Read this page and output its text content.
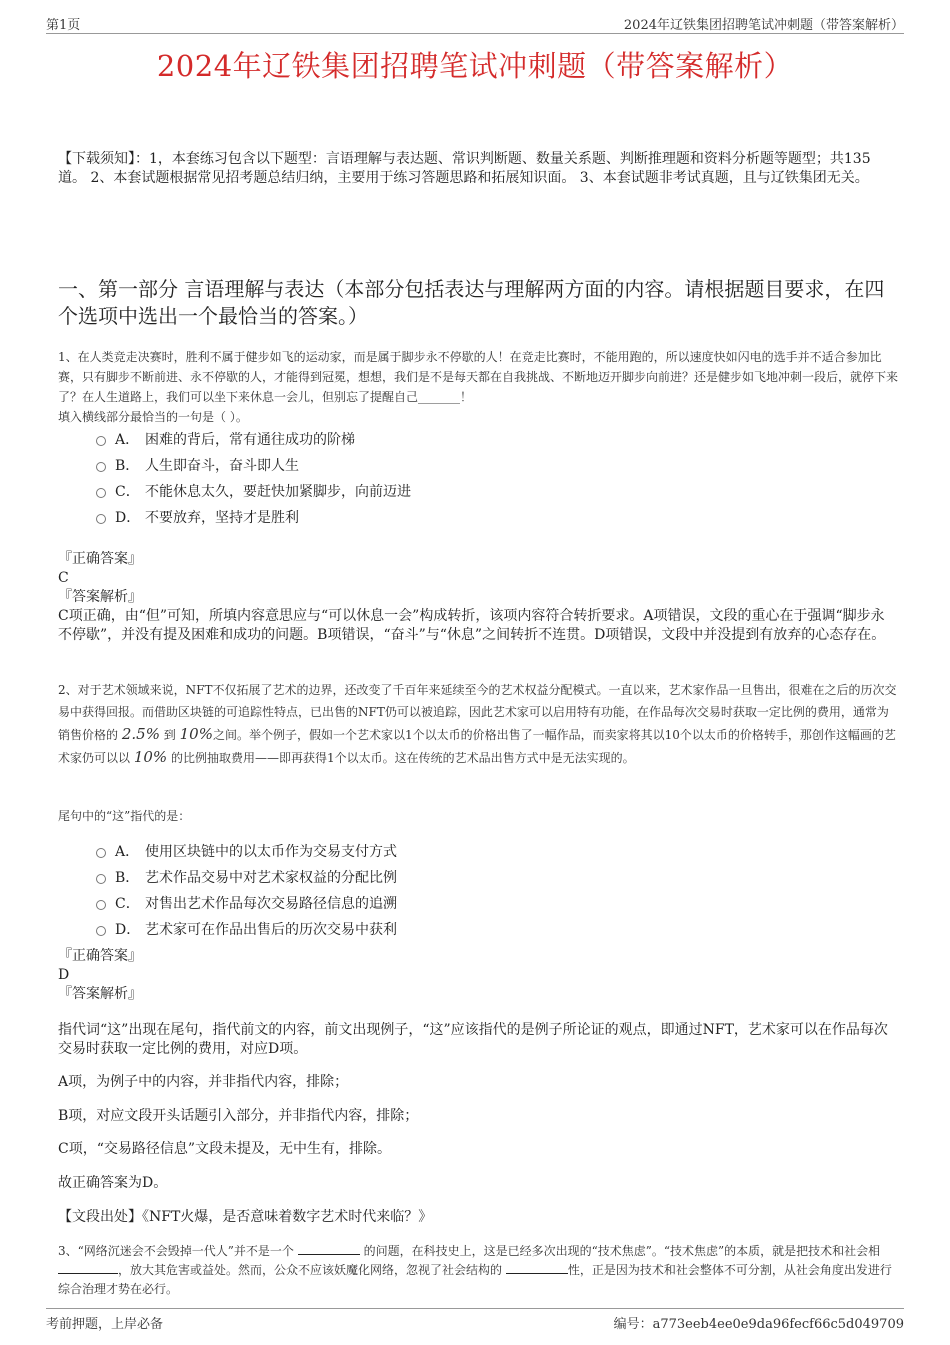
第1页	2024年辽铁集团招聘笔试冲刺题（带答案解析）
2024年辽铁集团招聘笔试冲刺题（带答案解析）
【下载须知】：1，本套练习包含以下题型：言语理解与表达题、常识判断题、数量关系题、判断推理题和资料分析题等题型；共135道。 2、本套试题根据常见招考题总结归纳，主要用于练习答题思路和拓展知识面。 3、本套试题非考试真题，且与辽铁集团无关。
一、第一部分 言语理解与表达（本部分包括表达与理解两方面的内容。请根据题目要求，在四个选项中选出一个最恰当的答案。）
1、在人类竞走决赛时，胜利不属于健步如飞的运动家，而是属于脚步永不停歇的人！在竞走比赛时，不能用跑的，所以速度快如闪电的选手并不适合参加比赛，只有脚步不断前进、永不停歇的人，才能得到冠冕，想想，我们是不是每天都在自我挑战、不断地迈开脚步向前进？还是健步如飞地冲刺一段后，就停下来了？在人生道路上，我们可以坐下来休息一会儿，但别忘了提醒自己_______！
填入横线部分最恰当的一句是（ ）。
A． 困难的背后，常有通往成功的阶梯
B． 人生即奋斗，奋斗即人生
C． 不能休息太久，要赶快加紧脚步，向前迈进
D． 不要放弃，坚持才是胜利
『正确答案』
C
『答案解析』
C项正确，由“但”可知，所填内容意思应与“可以休息一会”构成转折，该项内容符合转折要求。A项错误，文段的重心在于强调“脚步永不停歇”，并没有提及困难和成功的问题。B项错误，“奋斗”与“休息”之间转折不连贯。D项错误，文段中并没提到有放弃的心态存在。
2、对于艺术领域来说，NFT不仅拓展了艺术的边界，还改变了千百年来延续至今的艺术权益分配模式。一直以来，艺术家作品一旦售出，很难在之后的历次交易中获得回报。而借助区块链的可追踪性特点，已出售的NFT仍可以被追踪，因此艺术家可以启用特有功能，在作品每次交易时获取一定比例的费用，通常为销售价格的 2.5% 到 10%之间。举个例子，假如一个艺术家以1个以太币的价格出售了一幅作品，而卖家将其以10个以太币的价格转手，那创作这幅画的艺术家仍可以以 10% 的比例抽取费用——即再获得1个以太币。这在传统的艺术品出售方式中是无法实现的。
尾句中的“这”指代的是：
A． 使用区块链中的以太币作为交易支付方式
B． 艺术作品交易中对艺术家权益的分配比例
C． 对售出艺术作品每次交易路径信息的追溯
D． 艺术家可在作品出售后的历次交易中获利
『正确答案』
D
『答案解析』
指代词“这”出现在尾句，指代前文的内容，前文出现例子，“这”应该指代的是例子所论证的观点，即通过NFT，艺术家可以在作品每次交易时获取一定比例的费用，对应D项。
A项，为例子中的内容，并非指代内容，排除；
B项，对应文段开头话题引入部分，并非指代内容，排除；
C项，“交易路径信息”文段未提及，无中生有，排除。
故正确答案为D。
【文段出处】《NFT火爆，是否意味着数字艺术时代来临？》
3、“网络沉迷会不会毁掉一代人”并不是一个	的问题，在科技史上，这是已经多次出现的“技术焦虑”。“技术焦虑”的本质，就是把技术和社会相 ，放大其危害或益处。然而，公众不应该妖魔化网络，忽视了社会结构的	性，正是因为技术和社会整体不可分割，从社会角度出发进行综合治理才势在必行。
考前押题，上岸必备	编号：a773eeb4ee0e9da96fecf66c5d049709
